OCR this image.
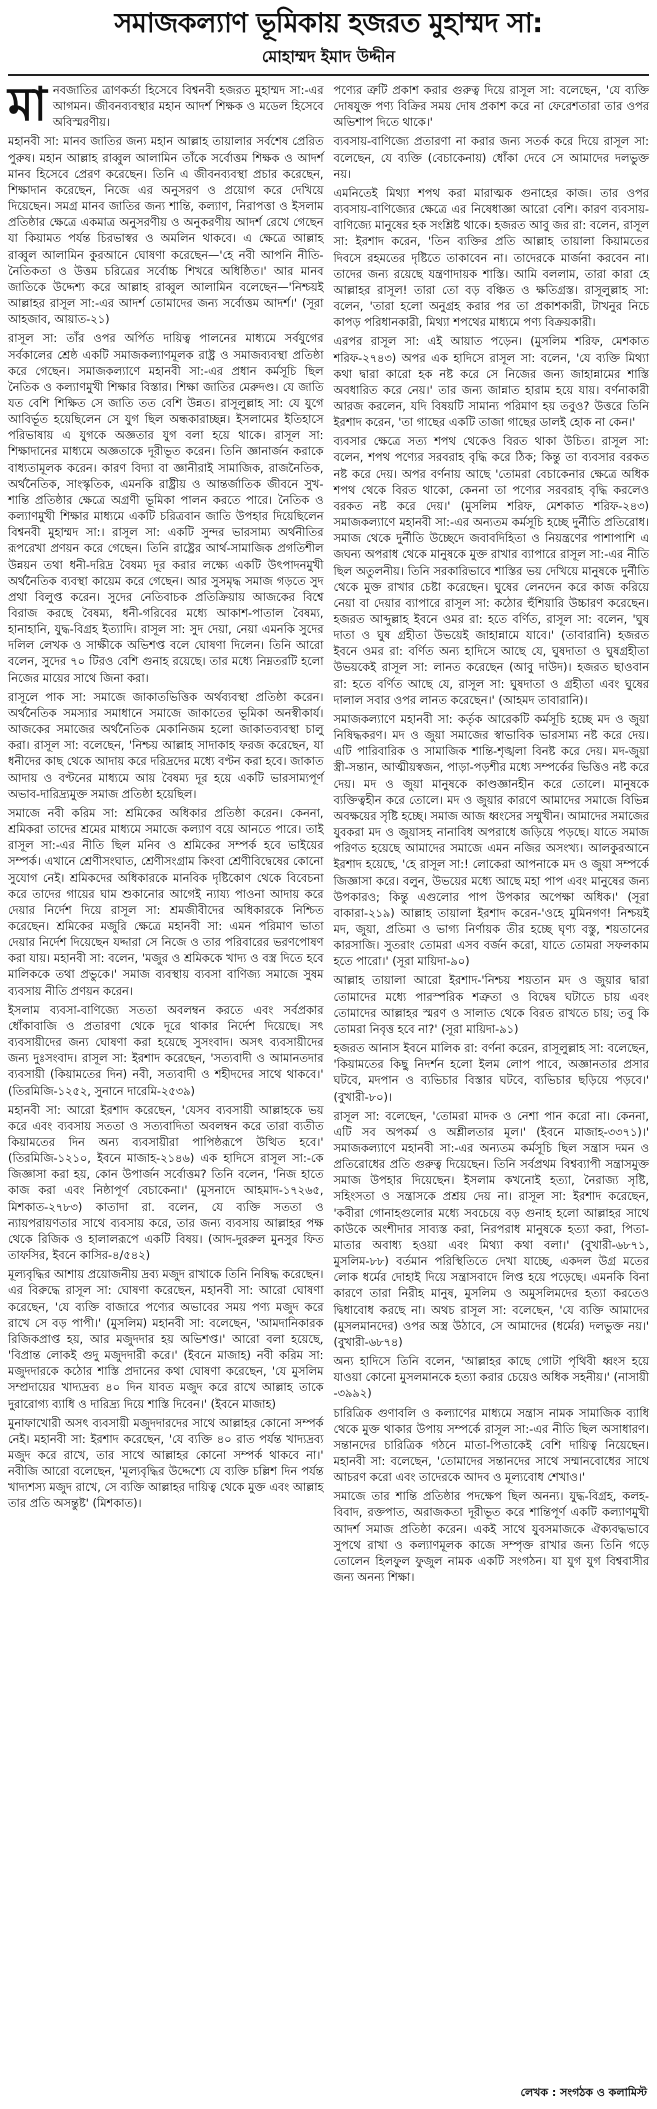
সমাজকল্যাণ ভূমিকায় হজরত মুহাম্মদ সা:
মোহাম্মদ ইমাদ উদ্দীন

মানবজাতির ত্রাণকর্তা হিসেবে বিশ্বনবী হজরত মুহাম্মদ সা:-এর আগমন। জীবনব্যবস্থার মহান আদর্শ শিক্ষক ও মডেল হিসেবে অবিস্মরণীয়।

মহানবী সা: মানব জাতির জন্য মহান আল্লাহ তায়ালার সর্বশেষ প্রেরিত পুরুষ। মহান আল্লাহ রাব্বুল আলামিন তাঁকে সর্বোত্তম শিক্ষক ও আদর্শ মানব হিসেবে প্রেরণ করেছেন। তিনি এ জীবনব্যবস্থা প্রচার করেছেন, শিক্ষাদান করেছেন, নিজে এর অনুসরণ ও প্রয়োগ করে দেখিয়ে দিয়েছেন। সমগ্র মানব জাতির জন্য শান্তি, কল্যাণ, নিরাপত্তা ও ইসলাম প্রতিষ্ঠার ক্ষেত্রে একমাত্র অনুসরণীয় ও অনুকরণীয় আদর্শ রেখে গেছেন যা কিয়ামত পর্যন্ত চিরভাস্বর ও অমলিন থাকবে। এ ক্ষেত্রে আল্লাহ রাব্বুল আলামিন কুরআনে ঘোষণা করেছেন—'হে নবী আপনি নীতি-নৈতিকতা ও উত্তম চরিত্রের সর্বোচ্চ শিখরে অধিষ্ঠিত।' আর মানব জাতিকে উদ্দেশ্য করে আল্লাহ রাব্বুল আলামিন বলেছেন—'নিশ্চয়ই আল্লাহর রাসূল সা:-এর আদর্শ তোমাদের জন্য সর্বোত্তম আদর্শ।' (সূরা আহজাব, আয়াত-২১)

রাসূল সা: তাঁর ওপর অর্পিত দায়িত্ব পালনের মাধ্যমে সর্বযুগের সর্বকালের শ্রেষ্ঠ একটি সমাজকল্যাণমূলক রাষ্ট্র ও সমাজব্যবস্থা প্রতিষ্ঠা করে গেছেন। সমাজকল্যাণে মহানবী সা:-এর প্রধান কর্মসূচি ছিল নৈতিক ও কল্যাণমুখী শিক্ষার বিস্তার। শিক্ষা জাতির মেরুদণ্ড। যে জাতি যত বেশি শিক্ষিত সে জাতি তত বেশি উন্নত। রাসূলুল্লাহ সা: যে যুগে আবির্ভূত হয়েছিলেন সে যুগ ছিল অন্ধকারাচ্ছন্ন। ইসলামের ইতিহাসে পরিভাষায় এ যুগকে অজ্ঞতার যুগ বলা হয়ে থাকে। রাসূল সা: শিক্ষাদানের মাধ্যমে অজ্ঞতাকে দূরীভূত করেন। তিনি জ্ঞানার্জন করাকে বাধ্যতামূলক করেন। কারণ বিদ্যা বা জ্ঞানীরাই সামাজিক, রাজনৈতিক, অর্থনৈতিক, সাংস্কৃতিক, এমনকি রাষ্ট্রীয় ও আন্তর্জাতিক জীবনে সুখ-শান্তি প্রতিষ্ঠার ক্ষেত্রে অগ্রণী ভূমিকা পালন করতে পারে। নৈতিক ও কল্যাণমুখী শিক্ষার মাধ্যমে একটি চরিত্রবান জাতি উপহার দিয়েছিলেন বিশ্বনবী মুহাম্মদ সা:। রাসূল সা: একটি সুন্দর ভারসাম্য অর্থনীতির রূপরেখা প্রণয়ন করে গেছেন। তিনি রাষ্ট্রের আর্থ-সামাজিক প্রগতিশীল উন্নয়ন তথা ধনী-দরিদ্র বৈষম্য দূর করার লক্ষ্যে একটি উৎপাদনমুখী অর্থনৈতিক ব্যবস্থা কায়েম করে গেছেন। আর সুসমৃদ্ধ সমাজ গড়তে সুদ প্রথা বিলুপ্ত করেন। সুদের নেতিবাচক প্রতিক্রিয়ায় আজকের বিশ্বে বিরাজ করছে বৈষম্য, ধনী-গরিবের মধ্যে আকাশ-পাতাল বৈষম্য, হানাহানি, যুদ্ধ-বিগ্রহ ইত্যাদি। রাসূল সা: সুদ দেয়া, নেয়া এমনকি সুদের দলিল লেখক ও সাক্ষীকে অভিশপ্ত বলে ঘোষণা দিলেন। তিনি আরো বলেন, সুদের ৭০ টিরও বেশি গুনাহ রয়েছে। তার মধ্যে নিম্নতরটি হলো নিজের মায়ের সাথে জিনা করা।

রাসূলে পাক সা: সমাজে জাকাতভিত্তিক অর্থব্যবস্থা প্রতিষ্ঠা করেন। অর্থনৈতিক সমস্যার সমাধানে সমাজে জাকাতের ভূমিকা অনস্বীকার্য। আজকের সমাজের অর্থনৈতিক মেকানিজম হলো জাকাতব্যবস্থা চালু করা। রাসূল সা: বলেছেন, 'নিশ্চয় আল্লাহ সাদাকাহ ফরজ করেছেন, যা ধনীদের কাছ থেকে আদায় করে দরিদ্রদের মধ্যে বণ্টন করা হবে। জাকাত আদায় ও বণ্টনের মাধ্যমে আয় বৈষম্য দূর হয়ে একটি ভারসাম্যপূর্ণ অভাব-দারিদ্র্যমুক্ত সমাজ প্রতিষ্ঠা হয়েছিল।

সমাজে নবী করিম সা: শ্রমিকের অধিকার প্রতিষ্ঠা করেন। কেননা, শ্রমিকরা তাদের শ্রমের মাধ্যমে সমাজে কল্যাণ বয়ে আনতে পারে। তাই রাসূল সা:-এর নীতি ছিল মনিব ও শ্রমিকের সম্পর্ক হবে ভাইয়ের সম্পর্ক। এখানে শ্রেণীসংঘাত, শ্রেণীসংগ্রাম কিংবা শ্রেণীবিদ্বেষের কোনো সুযোগ নেই। শ্রমিকদের অধিকারকে মানবিক দৃষ্টিকোণ থেকে বিবেচনা করে তাদের গায়ের ঘাম শুকানোর আগেই ন্যায্য পাওনা আদায় করে দেয়ার নির্দেশ দিয়ে রাসূল সা: শ্রমজীবীদের অধিকারকে নিশ্চিত করেছেন। শ্রমিকের মজুরি ক্ষেত্রে মহানবী সা: এমন পরিমাণ ভাতা দেয়ার নির্দেশ দিয়েছেন যদ্দারা সে নিজে ও তার পরিবারের ভরণপোষণ করা যায়। মহানবী সা: বলেন, 'মজুর ও শ্রমিককে খাদ্য ও বস্ত্র দিতে হবে মালিককে তথা প্রভুকে।' সমাজ ব্যবস্থায় ব্যবসা বাণিজ্য সমাজে সুষম ব্যবসায় নীতি প্রণয়ন করেন।

ইসলাম ব্যবসা-বাণিজ্যে সততা অবলম্বন করতে এবং সর্বপ্রকার ধোঁকাবাজি ও প্রতারণা থেকে দূরে থাকার নির্দেশ দিয়েছে। সৎ ব্যবসায়ীদের জন্য ঘোষণা করা হয়েছে সুসংবাদ। অসৎ ব্যবসায়ীদের জন্য দুঃসংবাদ। রাসূল সা: ইরশাদ করেছেন, 'সত্যবাদী ও আমানতদার ব্যবসায়ী (কিয়ামতের দিন) নবী, সত্যবাদী ও শহীদদের সাথে থাকবে।' (তিরমিজি-১২৫২, সুনানে দারেমি-২৫৩৯)

মহানবী সা: আরো ইরশাদ করেছেন, 'যেসব ব্যবসায়ী আল্লাহকে ভয় করে এবং ব্যবসায় সততা ও সত্যবাদিতা অবলম্বন করে তারা ব্যতীত কিয়ামতের দিন অন্য ব্যবসায়ীরা পাপিষ্ঠরূপে উত্থিত হবে।' (তিরমিজি-১২১০, ইবনে মাজাহ-২১৪৬) এক হাদিসে রাসূল সা:-কে জিজ্ঞাসা করা হয়, কোন উপার্জন সর্বোত্তম? তিনি বলেন, 'নিজ হাতে কাজ করা এবং নিষ্ঠাপূর্ণ বেচাকেনা।' (মুসনাদে আহমাদ-১৭২৬৫, মিশকাত-২৭৮৩) কাতাদা রা. বলেন, যে ব্যক্তি সততা ও ন্যায়পরায়ণতার সাথে ব্যবসায় করে, তার জন্য ব্যবসায় আল্লাহর পক্ষ থেকে রিজিক ও হালালরূপে একটি বিষয়। (আদ-দুররুল মুনসুর ফিত তাফসির, ইবনে কাসির-৪/৫৪২)

মূল্যবৃদ্ধির আশায় প্রয়োজনীয় দ্রব্য মজুদ রাখাকে তিনি নিষিদ্ধ করেছেন। এর বিরুদ্ধে রাসূল সা: ঘোষণা করেছেন, মহানবী সা: আরো ঘোষণা করেছেন, 'যে ব্যক্তি বাজারে পণ্যের অভাবের সময় পণ্য মজুদ করে রাখে সে বড় পাপী।' (মুসলিম) মহানবী সা: বলেছেন, 'আমদানিকারক রিজিকপ্রাপ্ত হয়, আর মজুদদার হয় অভিশপ্ত।' আরো বলা হয়েছে, 'বিপ্রান্ত লোকই গুদু মজুদদারী করে।' (ইবনে মাজাহ) নবী করিম সা: মজুদদারকে কঠোর শাস্তি প্রদানের কথা ঘোষণা করেছেন, 'যে মুসলিম সম্প্রদায়ের খাদ্যদ্রব্য ৪০ দিন যাবত মজুদ করে রাখে আল্লাহ তাকে দুরারোগ্য ব্যাধি ও দারিদ্র্য দিয়ে শাস্তি দিবেন।' (ইবনে মাজাহ)

মুনাফাখোরী অসৎ ব্যবসায়ী মজুদদারদের সাথে আল্লাহর কোনো সম্পর্ক নেই। মহানবী সা: ইরশাদ করেছেন, 'যে ব্যক্তি ৪০ রাত পর্যন্ত খাদ্যদ্রব্য মজুদ করে রাখে, তার সাথে আল্লাহর কোনো সম্পর্ক থাকবে না।' নবীজি আরো বলেছেন, 'মূল্যবৃদ্ধির উদ্দেশ্যে যে ব্যক্তি চল্লিশ দিন পর্যন্ত খাদ্যশস্য মজুদ রাখে, সে ব্যক্তি আল্লাহর দায়িত্ব থেকে মুক্ত এবং আল্লাহ তার প্রতি অসন্তুষ্ট' (মিশকাত)।

পণ্যের ত্রুটি প্রকাশ করার গুরুত্ব দিয়ে রাসূল সা: বলেছেন, 'যে ব্যক্তি দোষযুক্ত পণ্য বিক্রির সময় দোষ প্রকাশ করে না ফেরেশতারা তার ওপর অভিশাপ দিতে থাকে।'

ব্যবসায়-বাণিজ্যে প্রতারণা না করার জন্য সতর্ক করে দিয়ে রাসূল সা: বলেছেন, যে ব্যক্তি (বেচাকেনায়) ধোঁকা দেবে সে আমাদের দলভুক্ত নয়।

এমনিতেই মিথ্যা শপথ করা মারাত্মক গুনাহের কাজ। তার ওপর ব্যবসায়-বাণিজ্যের ক্ষেত্রে এর নিষেধাজ্ঞা আরো বেশি। কারণ ব্যবসায়-বাণিজ্যে মানুষের হক সংশ্লিষ্ট থাকে। হজরত আবু জর রা: বলেন, রাসূল সা: ইরশাদ করেন, 'তিন ব্যক্তির প্রতি আল্লাহ তায়ালা কিয়ামতের দিবসে রহমতের দৃষ্টিতে তাকাবেন না। তাদেরকে মার্জনা করবেন না। তাদের জন্য রয়েছে যন্ত্রণাদায়ক শাস্তি। আমি বললাম, তারা কারা হে আল্লাহর রাসূল! তারা তো বড় বঞ্চিত ও ক্ষতিগ্রস্ত। রাসূলুল্লাহ সা: বলেন, 'তারা হলো অনুগ্রহ করার পর তা প্রকাশকারী, টাখনুর নিচে কাপড় পরিধানকারী, মিথ্যা শপথের মাধ্যমে পণ্য বিক্রয়কারী।

এরপর রাসূল সা: এই আয়াত পড়েন। (মুসলিম শরিফ, মেশকাত শরিফ-২৭৪৩) অপর এক হাদিসে রাসূল সা: বলেন, 'যে ব্যক্তি মিথ্যা কথা দ্বারা কারো হক নষ্ট করে সে নিজের জন্য জাহান্নামের শাস্তি অবধারিত করে নেয়।' তার জন্য জান্নাত হারাম হয়ে যায়। বর্ণনাকারী আরজ করলেন, যদি বিষয়টি সামান্য পরিমাণ হয় তবুও? উত্তরে তিনি ইরশাদ করেন, 'তা গাছের একটি তাজা গাছের ডালই হোক না কেন।'

ব্যবসার ক্ষেত্রে সত্য শপথ থেকেও বিরত থাকা উচিত। রাসূল সা: বলেন, শপথ পণ্যের সরবরাহ বৃদ্ধি করে ঠিক; কিন্তু তা ব্যবসার বরকত নষ্ট করে দেয়। অপর বর্ণনায় আছে 'তোমরা বেচাকেনার ক্ষেত্রে অধিক শপথ থেকে বিরত থাকো, কেননা তা পণ্যের সরবরাহ বৃদ্ধি করলেও বরকত নষ্ট করে দেয়।' (মুসলিম শরিফ, মেশকাত শরিফ-২৪৩) সমাজকল্যাণে মহানবী সা:-এর অন্যতম কর্মসূচি হচ্ছে দুর্নীতি প্রতিরোধ। সমাজ থেকে দুর্নীতি উচ্ছেদে জবাবদিহিতা ও নিয়ন্ত্রণের পাশাপাশি এ জঘন্য অপরাধ থেকে মানুষকে মুক্ত রাখার ব্যাপারে রাসূল সা:-এর নীতি ছিল অতুলনীয়। তিনি সরকারিভাবে শাস্তির ভয় দেখিয়ে মানুষকে দুর্নীতি থেকে মুক্ত রাখার চেষ্টা করেছেন। ঘুষের লেনদেন করে কাজ করিয়ে নেয়া বা দেয়ার ব্যাপারে রাসূল সা: কঠোর হুঁশিয়ারি উচ্চারণ করেছেন। হজরত আব্দুল্লাহ ইবনে ওমর রা: হতে বর্ণিত, রাসূল সা: বলেন, 'ঘুষ দাতা ও ঘুষ গ্রহীতা উভয়েই জাহান্নামে যাবে।' (তাবারানি) হজরত ইবনে ওমর রা: বর্ণিত অন্য হাদিসে আছে যে, ঘুষদাতা ও ঘুষগ্রহীতা উভয়কেই রাসূল সা: লানত করেছেন (আবু দাউদ)। হজরত ছাওবান রা: হতে বর্ণিত আছে যে, রাসূল সা: ঘুষদাতা ও গ্রহীতা এবং ঘুষের দালাল সবার ওপর লানত করেছেন।' (আহমদ তাবারানি)।

সমাজকল্যাণে মহানবী সা: কর্তৃক আরেকটি কর্মসূচি হচ্ছে মদ ও জুয়া নিষিদ্ধকরণ। মদ ও জুয়া সমাজের স্বাভাবিক ভারসাম্য নষ্ট করে দেয়। এটি পারিবারিক ও সামাজিক শান্তি-শৃঙ্খলা বিনষ্ট করে দেয়। মদ-জুয়া স্ত্রী-সন্তান, আত্মীয়স্বজন, পাড়া-পড়শীর মধ্যে সম্পর্কের ভিত্তিও নষ্ট করে দেয়। মদ ও জুয়া মানুষকে কাণ্ডজ্ঞানহীন করে তোলে। মানুষকে ব্যক্তিত্বহীন করে তোলে। মদ ও জুয়ার কারণে আমাদের সমাজে বিভিন্ন অবক্ষয়ের সৃষ্টি হচ্ছে। সমাজ আজ ধ্বংসের সম্মুখীন। আমাদের সমাজের যুবকরা মদ ও জুয়াসহ নানাবিধ অপরাধে জড়িয়ে পড়ছে। যাতে সমাজ পরিণত হয়েছে আমাদের সমাজে এমন নজির অসংখ্য। আলকুরআনে ইরশাদ হয়েছে, 'হে রাসূল সা:! লোকেরা আপনাকে মদ ও জুয়া সম্পর্কে জিজ্ঞাসা করে। বলুন, উভয়ের মধ্যে আছে মহা পাপ এবং মানুষের জন্য উপকারও; কিন্তু এগুলোর পাপ উপকার অপেক্ষা অধিক।' (সূরা বাকারা-২১৯) আল্লাহ তায়ালা ইরশাদ করেন-'ওহে মুমিনগণ! নিশ্চয়ই মদ, জুয়া, প্রতিমা ও ভাগ্য নির্ণায়ক তীর হচ্ছে ঘৃণ্য বস্তু, শয়তানের কারসাজি। সুতরাং তোমরা এসব বর্জন করো, যাতে তোমরা সফলকাম হতে পারো।' (সূরা মায়িদা-৯০)

আল্লাহ তায়ালা আরো ইরশাদ-'নিশ্চয় শয়তান মদ ও জুয়ার দ্বারা তোমাদের মধ্যে পারস্পরিক শত্রুতা ও বিদ্বেষ ঘটাতে চায় এবং তোমাদের আল্লাহর স্মরণ ও সালাত থেকে বিরত রাখতে চায়; তবু কি তোমরা নিবৃত্ত হবে না?' (সূরা মায়িদা-৯১)

হজরত আনাস ইবনে মালিক রা: বর্ণনা করেন, রাসূলুল্লাহ সা: বলেছেন, 'কিয়ামতের কিছু নিদর্শন হলো ইলম লোপ পাবে, অজ্ঞানতার প্রসার ঘটবে, মদপান ও ব্যভিচার বিস্তার ঘটবে, ব্যভিচার ছড়িয়ে পড়বে।' (বুখারী-৮০)।

রাসূল সা: বলেছেন, 'তোমরা মাদক ও নেশা পান করো না। কেননা, এটি সব অপকর্ম ও অশ্লীলতার মূল।' (ইবনে মাজাহ-৩৩৭১)।' সমাজকল্যাণে মহানবী সা:-এর অন্যতম কর্মসূচি ছিল সন্ত্রাস দমন ও প্রতিরোধের প্রতি গুরুত্ব দিয়েছেন। তিনি সর্বপ্রথম বিশ্বব্যাপী সন্ত্রাসমুক্ত সমাজ উপহার দিয়েছেন। ইসলাম কখনোই হত্যা, নৈরাজ্য সৃষ্টি, সহিংসতা ও সন্ত্রাসকে প্রশ্রয় দেয় না। রাসূল সা: ইরশাদ করেছেন, 'কবীরা গোনাহগুলোর মধ্যে সবচেয়ে বড় গুনাহ হলো আল্লাহর সাথে কাউকে অংশীদার সাব্যস্ত করা, নিরপরাধ মানুষকে হত্যা করা, পিতা-মাতার অবাধ্য হওয়া এবং মিথ্যা কথা বলা।' (বুখারী-৬৮৭১, মুসলিম-৮৮) বর্তমান পরিস্থিতিতে দেখা যাচ্ছে, একদল উগ্র মতের লোক ধর্মের দোহাই দিয়ে সন্ত্রাসবাদে লিপ্ত হয়ে পড়েছে। এমনকি বিনা কারণে তারা নিরীহ মানুষ, মুসলিম ও অমুসলিমদের হত্যা করতেও দ্বিধাবোধ করছে না। অথচ রাসূল সা: বলেছেন, 'যে ব্যক্তি আমাদের (মুসলমানদের) ওপর অস্ত্র উঠাবে, সে আমাদের (ধর্মের) দলভুক্ত নয়।' (বুখারী-৬৮৭৪)

অন্য হাদিসে তিনি বলেন, 'আল্লাহর কাছে গোটা পৃথিবী ধ্বংস হয়ে যাওয়া কোনো মুসলমানকে হত্যা করার চেয়েও অধিক সহনীয়।' (নাসায়ী -৩৯৯২)

চারিত্রিক গুণাবলি ও কল্যাণের মাধ্যমে সন্ত্রাস নামক সামাজিক ব্যাধি থেকে মুক্ত থাকার উপায় সম্পর্কে রাসূল সা:-এর নীতি ছিল অসাধারণ। সন্তানদের চারিত্রিক গঠনে মাতা-পিতাকেই বেশি দায়িত্ব নিয়েছেন। মহানবী সা: বলেছেন, 'তোমাদের সন্তানদের সাথে সম্মানবোধের সাথে আচরণ করো এবং তাদেরকে আদব ও মূল্যবোধ শেখাও।'

সমাজে তার শান্তি প্রতিষ্ঠার পদক্ষেপ ছিল অনন্য। যুদ্ধ-বিগ্রহ, কলহ-বিবাদ, রক্তপাত, অরাজকতা দূরীভূত করে শান্তিপূর্ণ একটি কল্যাণমুখী আদর্শ সমাজ প্রতিষ্ঠা করেন। একই সাথে যুবসমাজকে ঐক্যবদ্ধভাবে সুপথে রাখা ও কল্যাণমূলক কাজে সম্পৃক্ত রাখার জন্য তিনি গড়ে তোলেন হিলফুল ফুজুল নামক একটি সংগঠন। যা যুগ যুগ বিশ্ববাসীর জন্য অনন্য শিক্ষা।

লেখক : সংগঠক ও কলামিস্ট
